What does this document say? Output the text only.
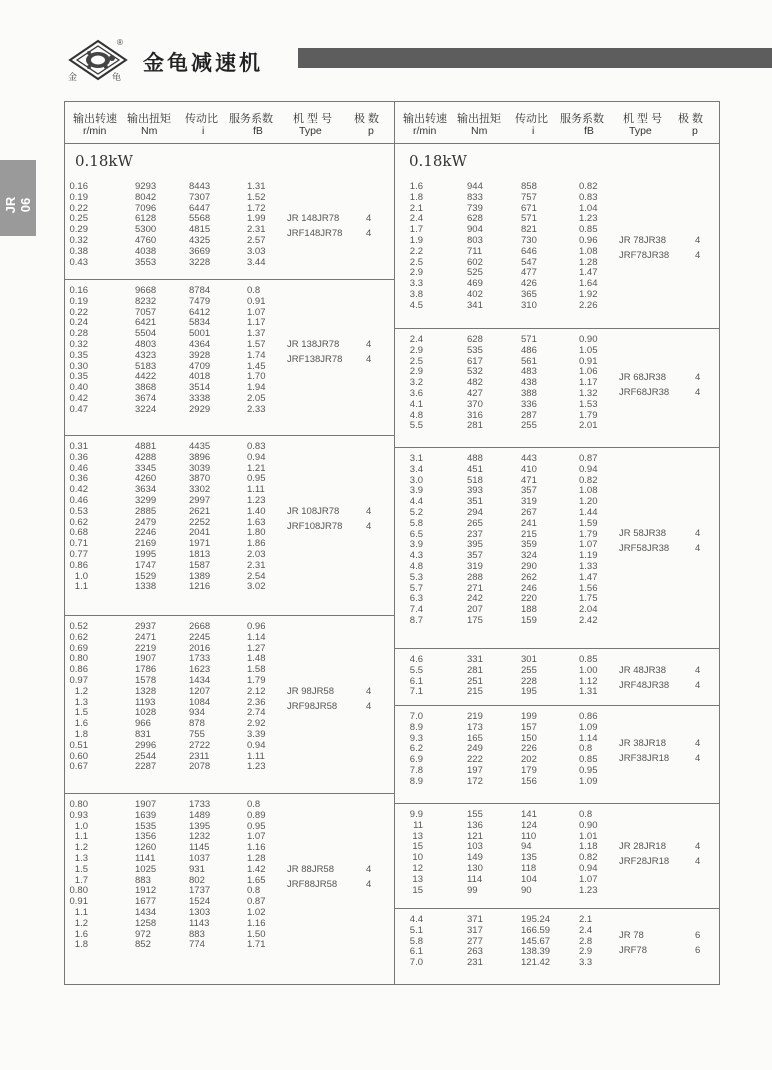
®
金	龟
金龟减速机
JR 06
输出转速
r/min
输出扭矩
Nm
传动比
i
服务系数
fB
机 型 号
Type
极 数
p
0.18kW
0.16	9293	8443	1.31
0.19	8042	7307	1.52
0.22	7096	6447	1.72
0.25	6128	5568	1.99
0.29	5300	4815	2.31
0.32	4760	4325	2.57
0.38	4038	3669	3.03
0.43	3553	3228	3.44
JR 148JR78	4
JRF148JR78 4
0.16	9668	8784	0.8
0.19	8232	7479	0.91
0.22	7057	6412	1.07
0.24	6421	5834	1.17
0.28	5504	5001	1.37
0.32	4803	4364	1.57
0.35	4323	3928	1.74
0.30	5183	4709	1.45
0.35	4422	4018	1.70
0.40	3868	3514	1.94
0.42	3674	3338	2.05
0.47	3224	2929	2.33
JR 138JR78	4
JRF138JR78 4
0.31	4881	4435	0.83
0.36	4288	3896	0.94
0.46	3345	3039	1.21
0.36	4260	3870	0.95
0.42	3634	3302	1.11
0.46	3299	2997	1.23
0.53	2885	2621	1.40
0.62	2479	2252	1.63
0.68	2246	2041	1.80
0.71	2169	1971	1.86
0.77	1995	1813	2.03
0.86	1747	1587	2.31
1.0	1529	1389	2.54
1.1	1338	1216	3.02
JR 108JR78	4
JRF108JR78 4
0.52	2937	2668	0.96
0.62	2471	2245	1.14
0.69	2219	2016	1.27
0.80	1907	1733	1.48
0.86	1786	1623	1.58
0.97	1578	1434	1.79
1.2	1328	1207	2.12
1.3	1193	1084	2.36
1.5	1028	934	2.74
1.6	966	878	2.92
1.8	831	755	3.39
0.51	2996	2722	0.94
0.60	2544	2311	1.11
0.67	2287	2078	1.23
JR 98JR58	4
JRF98JR58	4
0.80	1907	1733	0.8
0.93	1639	1489	0.89
1.0	1535	1395	0.95
1.1	1356	1232	1.07
1.2	1260	1145	1.16
1.3	1141	1037	1.28
1.5	1025	931	1.42
1.7	883	802	1.65
0.80	1912	1737	0.8
0.91	1677	1524	0.87
1.1	1434	1303	1.02
1.2	1258	1143	1.16
1.6	972	883	1.50
1.8	852	774	1.71
JR 88JR58	4
JRF88JR58	4
输出转速
r/min
输出扭矩
Nm
传动比
i
服务系数
fB
机 型 号
Type
极 数
p
0.18kW
1.6	944	858	0.82
1.8	833	757	0.83
2.1	739	671	1.04
2.4	628	571	1.23
1.7	904	821	0.85
1.9	803	730	0.96
2.2	711	646	1.08
2.5	602	547	1.28
2.9	525	477	1.47
3.3	469	426	1.64
3.8	402	365	1.92
4.5	341	310	2.26
JR 78JR38	4
JRF78JR38	4
2.4	628	571	0.90
2.9	535	486	1.05
2.5	617	561	0.91
2.9	532	483	1.06
3.2	482	438	1.17
3.6	427	388	1.32
4.1	370	336	1.53
4.8	316	287	1.79
5.5	281	255	2.01
JR 68JR38	4
JRF68JR38	4
3.1	488	443	0.87
3.4	451	410	0.94
3.0	518	471	0.82
3.9	393	357	1.08
4.4	351	319	1.20
5.2	294	267	1.44
5.8	265	241	1.59
6.5	237	215	1.79
3.9	395	359	1.07
4.3	357	324	1.19
4.8	319	290	1.33
5.3	288	262	1.47
5.7	271	246	1.56
6.3	242	220	1.75
7.4	207	188	2.04
8.7	175	159	2.42
JR 58JR38	4
JRF58JR38	4
4.6	331	301	0.85
5.5	281	255	1.00
6.1	251	228	1.12
7.1	215	195	1.31
JR 48JR38	4
JRF48JR38	4
7.0	219	199	0.86
8.9	173	157	1.09
9.3	165	150	1.14
6.2	249	226	0.8
6.9	222	202	0.85
7.8	197	179	0.95
8.9	172	156	1.09
JR 38JR18	4
JRF38JR18	4
9.9	155	141	0.8
11	136	124	0.90
13	121	110	1.01
15	103	94	1.18
10	149	135	0.82
12	130	118	0.94
13	114	104	1.07
15	99	90	1.23
JR 28JR18	4
JRF28JR18	4
4.4	371	195.24	2.1
5.1	317	166.59	2.4
5.8	277	145.67	2.8
6.1	263	138.39	2.9
7.0	231	121.42	3.3
JR 78	6
JRF78	6
